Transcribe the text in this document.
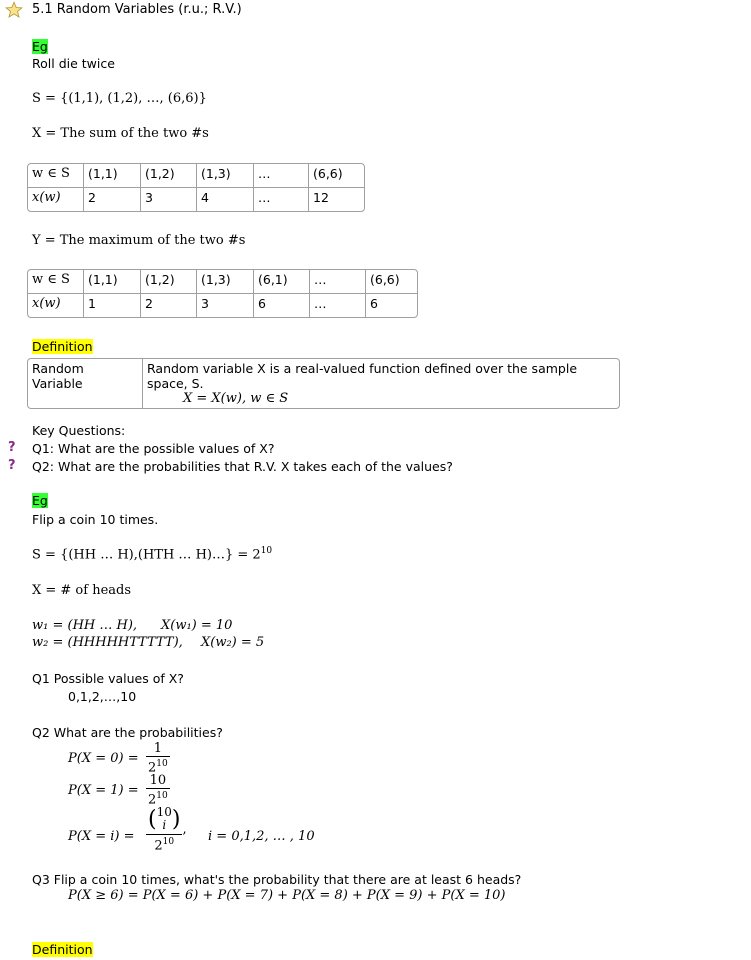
5.1 Random Variables (r.u.; R.V.)
Eg
Roll die twice
S = {(1,1), (1,2), …, (6,6)}
X = The sum of the two #s
w ∈ S	(1,1)	(1,2)	(1,3)	…	(6,6)
x(w)	2	3	4	…	12
Y = The maximum of the two #s
w ∈ S	(1,1)	(1,2)	(1,3)	(6,1)	…	(6,6)
x(w)	1	2	3	6	…	6
Definition
Random Variable	
Random variable X is a real-valued function defined over the sample space, S.
X = X(w), w ∈ S
Key Questions:
? Q1: What are the possible values of X?
? Q2: What are the probabilities that R.V. X takes each of the values?
Eg
Flip a coin 10 times.
S = {(HH … H),(HTH … H)…} = $2^{10}$
X = # of heads
w₁ = (HH … H), X(w₁) = 10
w₂ = (HHHHHTTTTT), X(w₂) = 5
Q1 Possible values of X?
0,1,2,…,10
Q2 What are the probabilities?
$P(X = 0) = \frac{1}{2^{10}}$
$P(X = 1) = \frac{10}{2^{10}}$
P(X = i) = ( 10
i )
$2^{10}$ , i = 0,1,2, … , 10
Q3 Flip a coin 10 times, what's the probability that there are at least 6 heads?
P(X ≥ 6) = P(X = 6) + P(X = 7) + P(X = 8) + P(X = 9) + P(X = 10)
Definition
